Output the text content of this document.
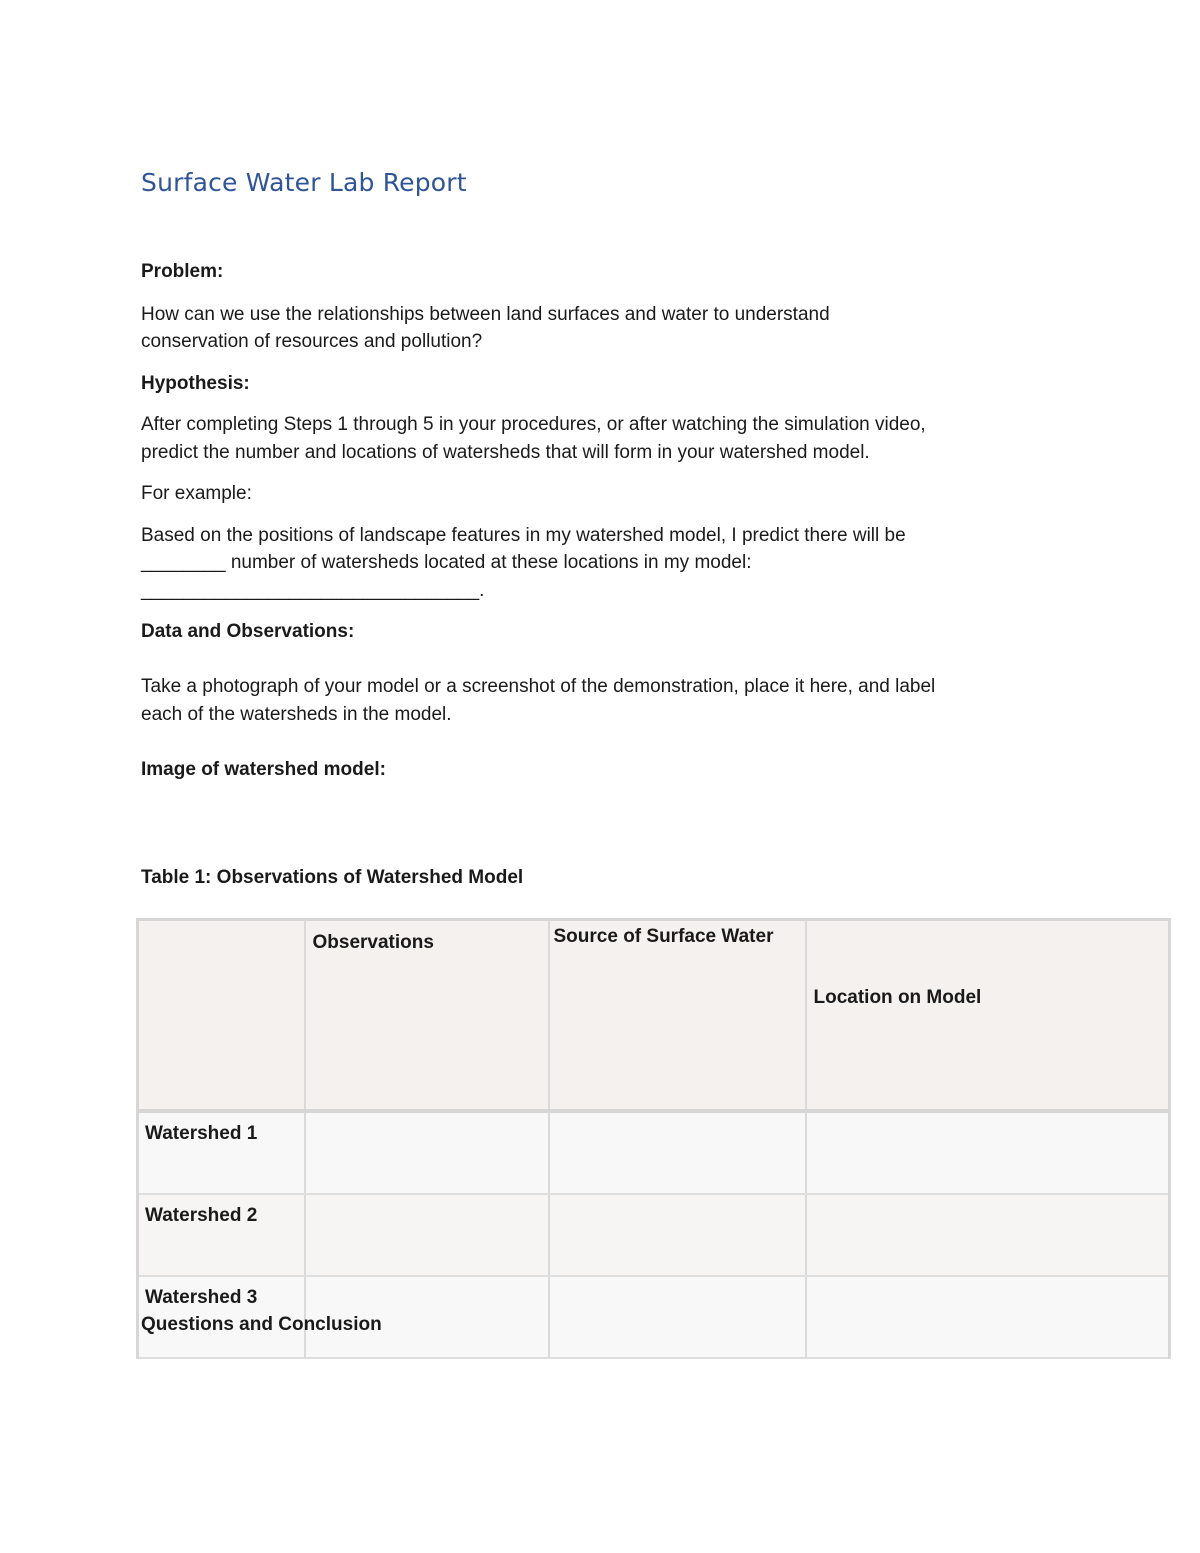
Surface Water Lab Report
Problem:
How can we use the relationships between land surfaces and water to understand
conservation of resources and pollution?
Hypothesis:
After completing Steps 1 through 5 in your procedures, or after watching the simulation video,
predict the number and locations of watersheds that will form in your watershed model.
For example:
Based on the positions of landscape features in my watershed model, I predict there will be
________ number of watersheds located at these locations in my model:
________________________________.
Data and Observations:
Take a photograph of your model or a screenshot of the demonstration, place it here, and label
each of the watersheds in the model.
Image of watershed model:
Table 1: Observations of Watershed Model
	Observations	Source of Surface Water	Location on Model
Watershed 1			
Watershed 2			
Watershed 3			
Questions and Conclusion
